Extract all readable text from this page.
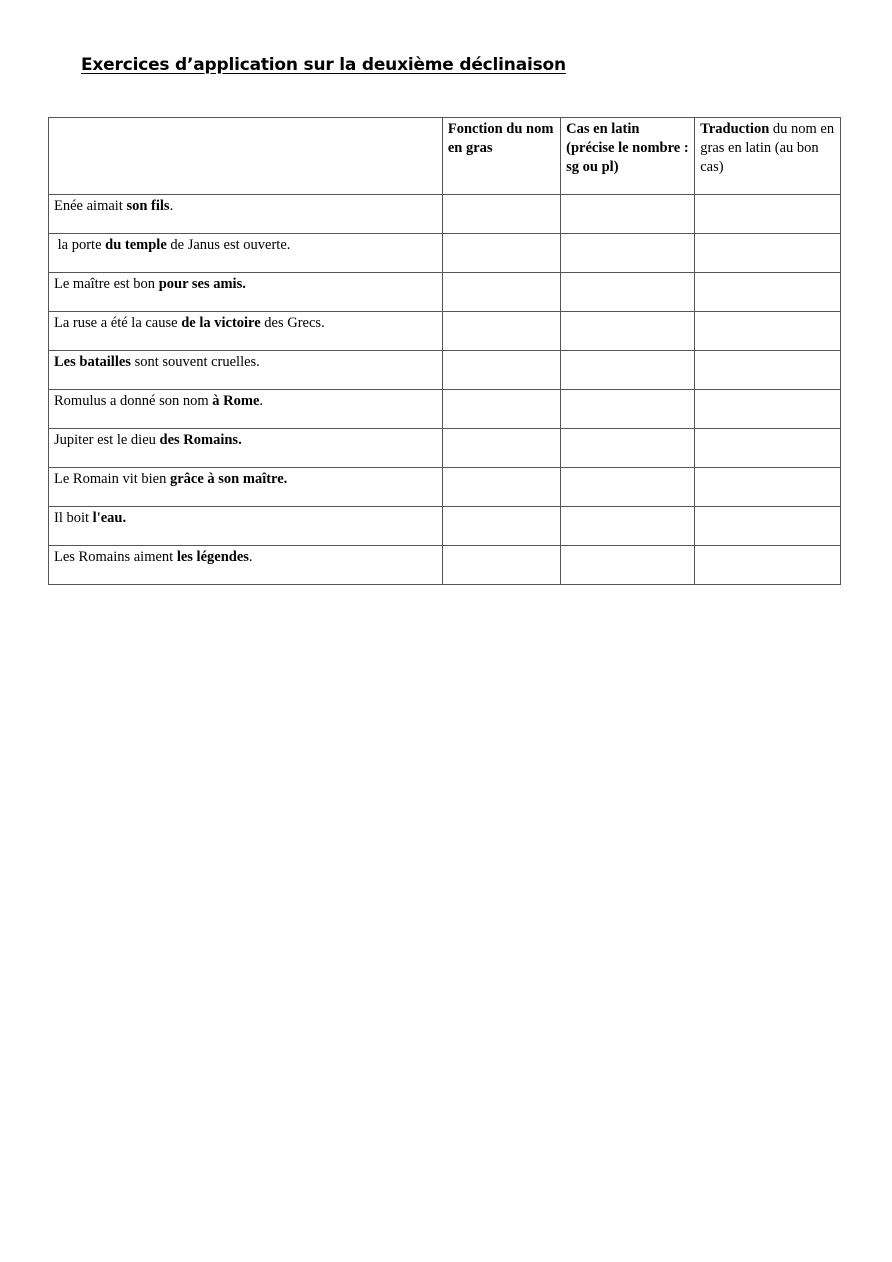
Exercices d’application sur la deuxième déclinaison
	Fonction du nom en gras	Cas en latin (précise le nombre : sg ou pl)	Traduction du nom en gras en latin (au bon cas)
Enée aimait son fils.			
la porte du temple de Janus est ouverte.			
Le maître est bon pour ses amis.			
La ruse a été la cause de la victoire des Grecs.			
Les batailles sont souvent cruelles.			
Romulus a donné son nom à Rome.			
Jupiter est le dieu des Romains.			
Le Romain vit bien grâce à son maître.			
Il boit l'eau.			
Les Romains aiment les légendes.			
